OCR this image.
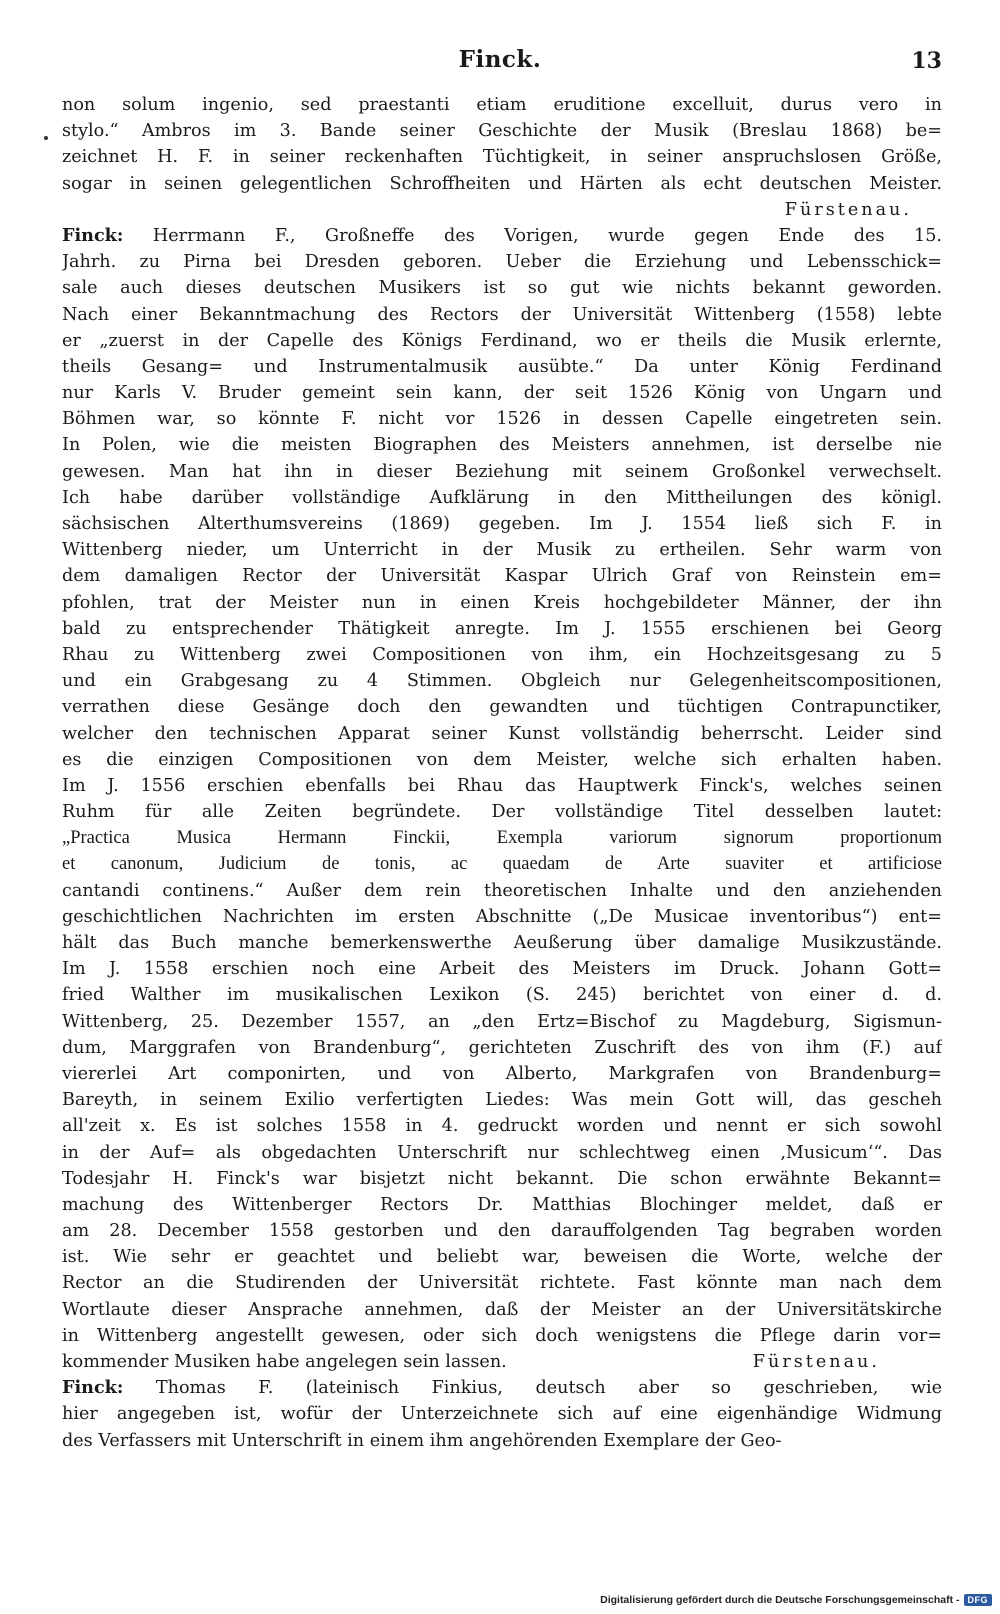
Finck.	13
non solum ingenio, sed praestanti etiam eruditione excelluit, durus vero in
stylo.“ Ambros im 3. Bande seiner Geschichte der Musik (Breslau 1868) be=
zeichnet H. F. in seiner reckenhaften Tüchtigkeit, in seiner anspruchslosen Größe,
sogar in seinen gelegentlichen Schroffheiten und Härten als echt deutschen Meister.
Fürstenau.
Finck: Herrmann F., Großneffe des Vorigen, wurde gegen Ende des 15.
Jahrh. zu Pirna bei Dresden geboren. Ueber die Erziehung und Lebensschick=
sale auch dieses deutschen Musikers ist so gut wie nichts bekannt geworden.
Nach einer Bekanntmachung des Rectors der Universität Wittenberg (1558) lebte
er „zuerst in der Capelle des Königs Ferdinand, wo er theils die Musik erlernte,
theils Gesang= und Instrumentalmusik ausübte.“ Da unter König Ferdinand
nur Karls V. Bruder gemeint sein kann, der seit 1526 König von Ungarn und
Böhmen war, so könnte F. nicht vor 1526 in dessen Capelle eingetreten sein.
In Polen, wie die meisten Biographen des Meisters annehmen, ist derselbe nie
gewesen. Man hat ihn in dieser Beziehung mit seinem Großonkel verwechselt.
Ich habe darüber vollständige Aufklärung in den Mittheilungen des königl.
sächsischen Alterthumsvereins (1869) gegeben. Im J. 1554 ließ sich F. in
Wittenberg nieder, um Unterricht in der Musik zu ertheilen. Sehr warm von
dem damaligen Rector der Universität Kaspar Ulrich Graf von Reinstein em=
pfohlen, trat der Meister nun in einen Kreis hochgebildeter Männer, der ihn
bald zu entsprechender Thätigkeit anregte. Im J. 1555 erschienen bei Georg
Rhau zu Wittenberg zwei Compositionen von ihm, ein Hochzeitsgesang zu 5
und ein Grabgesang zu 4 Stimmen. Obgleich nur Gelegenheitscompositionen,
verrathen diese Gesänge doch den gewandten und tüchtigen Contrapunctiker,
welcher den technischen Apparat seiner Kunst vollständig beherrscht. Leider sind
es die einzigen Compositionen von dem Meister, welche sich erhalten haben.
Im J. 1556 erschien ebenfalls bei Rhau das Hauptwerk Finck's, welches seinen
Ruhm für alle Zeiten begründete. Der vollständige Titel desselben lautet:
„Practica Musica Hermann Finckii, Exempla variorum signorum proportionum
et canonum, Judicium de tonis, ac quaedam de Arte suaviter et artificiose
cantandi continens.“ Außer dem rein theoretischen Inhalte und den anziehenden
geschichtlichen Nachrichten im ersten Abschnitte („De Musicae inventoribus“) ent=
hält das Buch manche bemerkenswerthe Aeußerung über damalige Musikzustände.
Im J. 1558 erschien noch eine Arbeit des Meisters im Druck. Johann Gott=
fried Walther im musikalischen Lexikon (S. 245) berichtet von einer d. d.
Wittenberg, 25. Dezember 1557, an „den Ertz=Bischof zu Magdeburg, Sigismun-
dum, Marggrafen von Brandenburg“, gerichteten Zuschrift des von ihm (F.) auf
viererlei Art componirten, und von Alberto, Markgrafen von Brandenburg=
Bareyth, in seinem Exilio verfertigten Liedes: Was mein Gott will, das gescheh
all'zeit x. Es ist solches 1558 in 4. gedruckt worden und nennt er sich sowohl
in der Auf= als obgedachten Unterschrift nur schlechtweg einen ‚Musicum‘“. Das
Todesjahr H. Finck's war bisjetzt nicht bekannt. Die schon erwähnte Bekannt=
machung des Wittenberger Rectors Dr. Matthias Blochinger meldet, daß er
am 28. December 1558 gestorben und den darauffolgenden Tag begraben worden
ist. Wie sehr er geachtet und beliebt war, beweisen die Worte, welche der
Rector an die Studirenden der Universität richtete. Fast könnte man nach dem
Wortlaute dieser Ansprache annehmen, daß der Meister an der Universitätskirche
in Wittenberg angestellt gewesen, oder sich doch wenigstens die Pflege darin vor=
kommender Musiken habe angelegen sein lassen.	Fürstenau.
Finck: Thomas F. (lateinisch Finkius, deutsch aber so geschrieben, wie
hier angegeben ist, wofür der Unterzeichnete sich auf eine eigenhändige Widmung
des Verfassers mit Unterschrift in einem ihm angehörenden Exemplare der Geo-
Digitalisierung gefördert durch die Deutsche Forschungsgemeinschaft - DFG
